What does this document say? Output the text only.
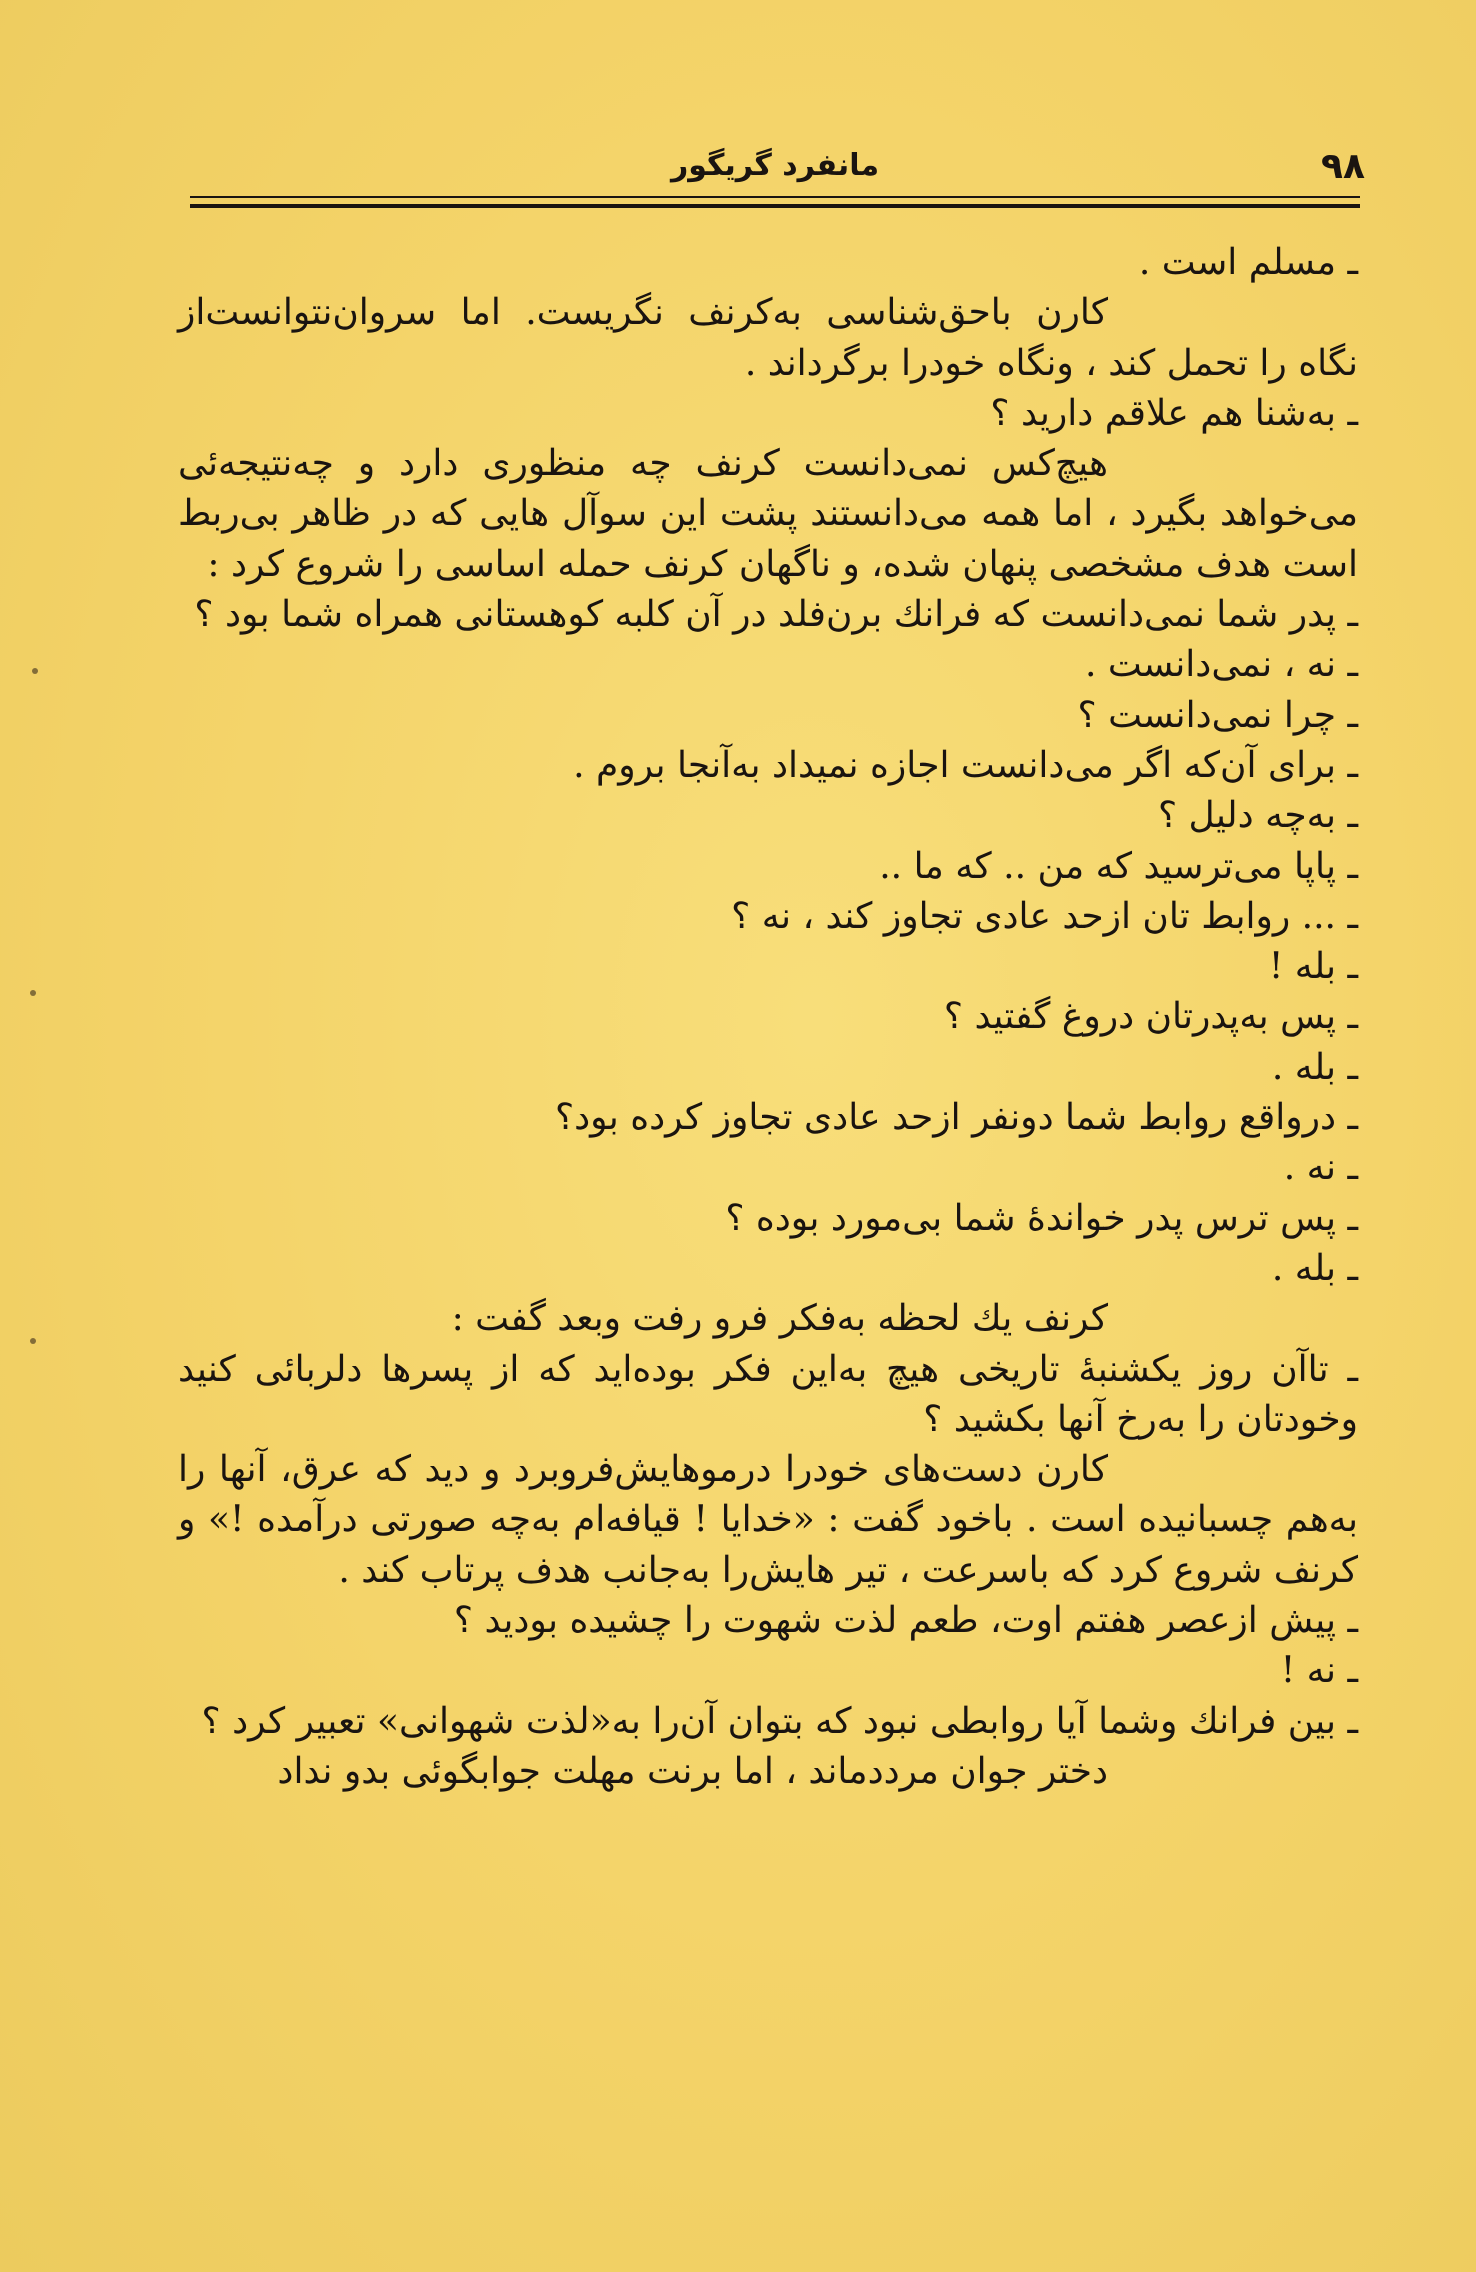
۹۸
مانفرد گریگور

ـ مسلم است .

کارن باحق‌شناسی به‌کرنف نگریست. اما سروان‌نتوانست‌از نگاه را تحمل کند ، ونگاه خودرا برگرداند .

ـ به‌شنا هم علاقم دارید ؟

هیچ‌کس نمی‌دانست کرنف چه منظوری دارد و چه‌نتیجه‌ئی می‌خواهد بگیرد ، اما همه می‌دانستند پشت این سوآل هایی که در ظاهر بی‌ربط است هدف مشخصی پنهان شده، و ناگهان کرنف حمله اساسی را شروع کرد :

ـ پدر شما نمی‌دانست که فرانك برن‌فلد در آن کلبه کوهستانی همراه شما بود ؟

ـ نه ، نمی‌دانست .

ـ چرا نمی‌دانست ؟

ـ برای آن‌که اگر می‌دانست اجازه نمیداد به‌آنجا بروم .

ـ به‌چه دلیل ؟

ـ پاپا می‌ترسید که من .. که ما ..

ـ ... روابط تان ازحد عادی تجاوز کند ، نه ؟

ـ بله !

ـ پس به‌پدرتان دروغ گفتید ؟

ـ بله .

ـ درواقع روابط شما دونفر ازحد عادی تجاوز کرده بود؟

ـ نه .

ـ پس ترس پدر خواندهٔ شما بی‌مورد بوده ؟

ـ بله .

کرنف یك لحظه به‌فکر فرو رفت وبعد گفت :

ـ تاآن روز یکشنبهٔ تاریخی هیچ به‌این فکر بوده‌اید که از پسرها دلربائی کنید وخودتان را به‌رخ آنها بکشید ؟

کارن دست‌های خودرا درموهایش‌فروبرد و دید که عرق، آنها را به‌هم چسبانیده است . باخود گفت : «خدایا ! قیافه‌ام به‌چه صورتی درآمده !» و کرنف شروع کرد که باسرعت ، تیر هایش‌را به‌جانب هدف پرتاب کند .

ـ پیش ازعصر هفتم اوت، طعم لذت شهوت را چشیده بودید ؟

ـ نه !

ـ بین فرانك وشما آیا روابطی نبود که بتوان آن‌را به«لذت شهوانی» تعبیر کرد ؟

دختر جوان مردد‌ماند ، اما برنت مهلت جوابگوئی بدو نداد
